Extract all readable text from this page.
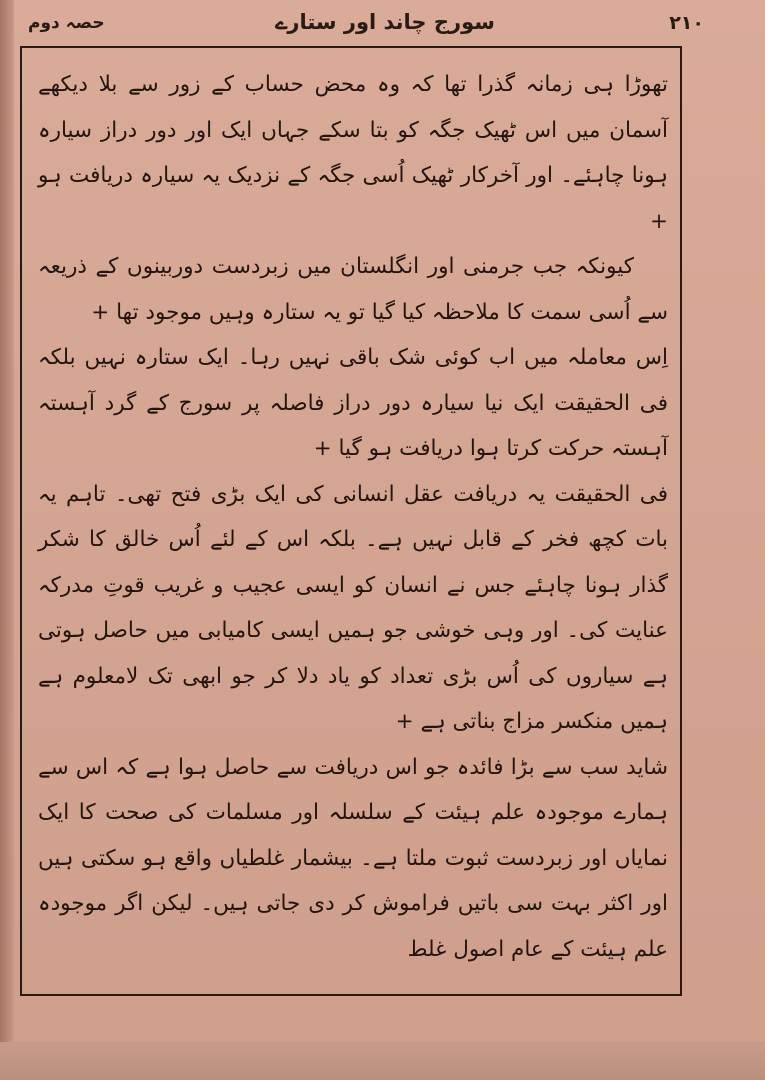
۲۱۰
سورج چاند اور ستارے
حصہ دوم

تھوڑا ہی زمانہ گذرا تھا کہ وہ محض حساب کے زور سے بلا دیکھے آسمان میں اس ٹھیک جگہ کو بتا سکے جہاں ایک اور دور دراز سیارہ ہونا چاہئے۔ اور آخرکار ٹھیک اُسی جگہ کے نزدیک یہ سیارہ دریافت ہو +

کیونکہ جب جرمنی اور انگلستان میں زبردست دوربینوں کے ذریعہ سے اُسی سمت کا ملاحظہ کیا گیا تو یہ ستارہ وہیں موجود تھا +

اِس معاملہ میں اب کوئی شک باقی نہیں رہا۔ ایک ستارہ نہیں بلکہ فی الحقیقت ایک نیا سیارہ دور دراز فاصلہ پر سورج کے گرد آہستہ آہستہ حرکت کرتا ہوا دریافت ہو گیا +

فی الحقیقت یہ دریافت عقل انسانی کی ایک بڑی فتح تھی۔ تاہم یہ بات کچھ فخر کے قابل نہیں ہے۔ بلکہ اس کے لئے اُس خالق کا شکر گذار ہونا چاہئے جس نے انسان کو ایسی عجیب و غریب قوتِ مدرکہ عنایت کی۔ اور وہی خوشی جو ہمیں ایسی کامیابی میں حاصل ہوتی ہے سیاروں کی اُس بڑی تعداد کو یاد دلا کر جو ابھی تک لامعلوم ہے ہمیں منکسر مزاج بناتی ہے +

شاید سب سے بڑا فائدہ جو اس دریافت سے حاصل ہوا ہے کہ اس سے ہمارے موجودہ علم ہیئت کے سلسلہ اور مسلمات کی صحت کا ایک نمایاں اور زبردست ثبوت ملتا ہے۔ بیشمار غلطیاں واقع ہو سکتی ہیں اور اکثر بہت سی باتیں فراموش کر دی جاتی ہیں۔ لیکن اگر موجودہ علم ہیئت کے عام اصول غلط
